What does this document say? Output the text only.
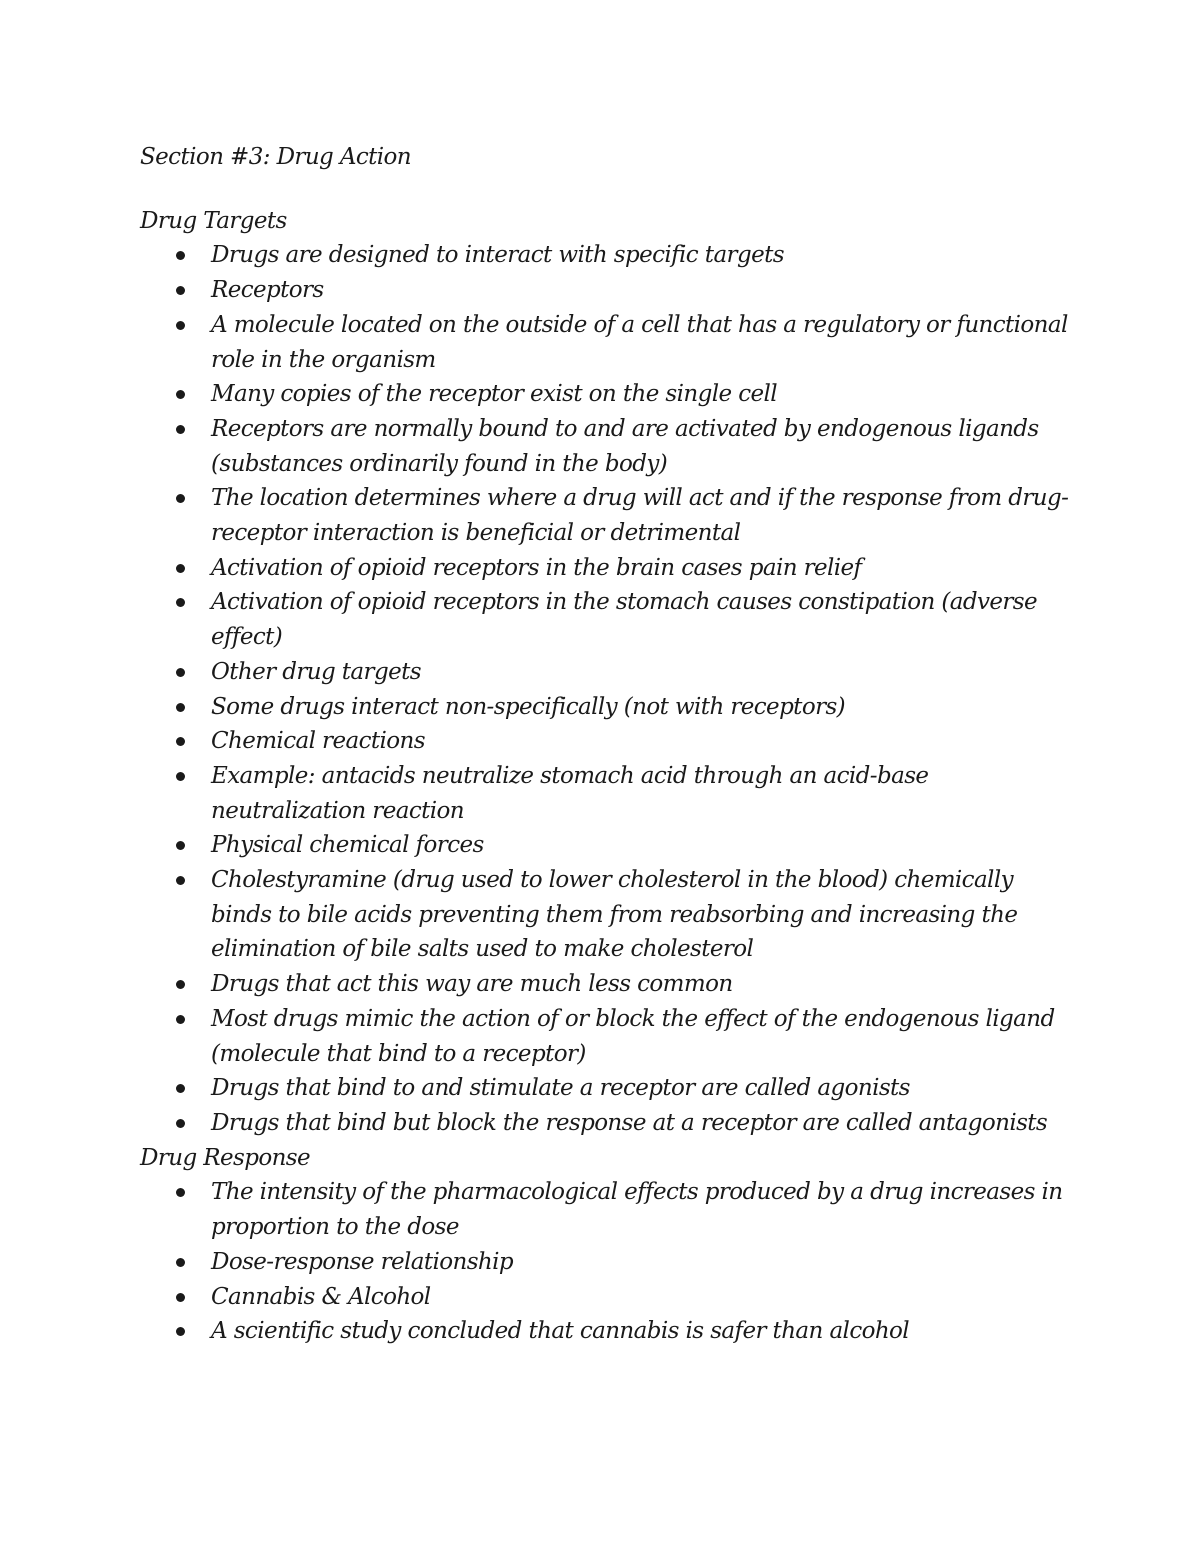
Section #3: Drug Action
Drug Targets
Drugs are designed to interact with specific targets
Receptors
A molecule located on the outside of a cell that has a regulatory or functional role in the organism
Many copies of the receptor exist on the single cell
Receptors are normally bound to and are activated by endogenous ligands (substances ordinarily found in the body)
The location determines where a drug will act and if the response from drug-receptor interaction is beneficial or detrimental
Activation of opioid receptors in the brain cases pain relief
Activation of opioid receptors in the stomach causes constipation (adverse effect)
Other drug targets
Some drugs interact non-specifically (not with receptors)
Chemical reactions
Example: antacids neutralize stomach acid through an acid-base neutralization reaction
Physical chemical forces
Cholestyramine (drug used to lower cholesterol in the blood) chemically binds to bile acids preventing them from reabsorbing and increasing the elimination of bile salts used to make cholesterol
Drugs that act this way are much less common
Most drugs mimic the action of or block the effect of the endogenous ligand (molecule that bind to a receptor)
Drugs that bind to and stimulate a receptor are called agonists
Drugs that bind but block the response at a receptor are called antagonists
Drug Response
The intensity of the pharmacological effects produced by a drug increases in proportion to the dose
Dose-response relationship
Cannabis & Alcohol
A scientific study concluded that cannabis is safer than alcohol
